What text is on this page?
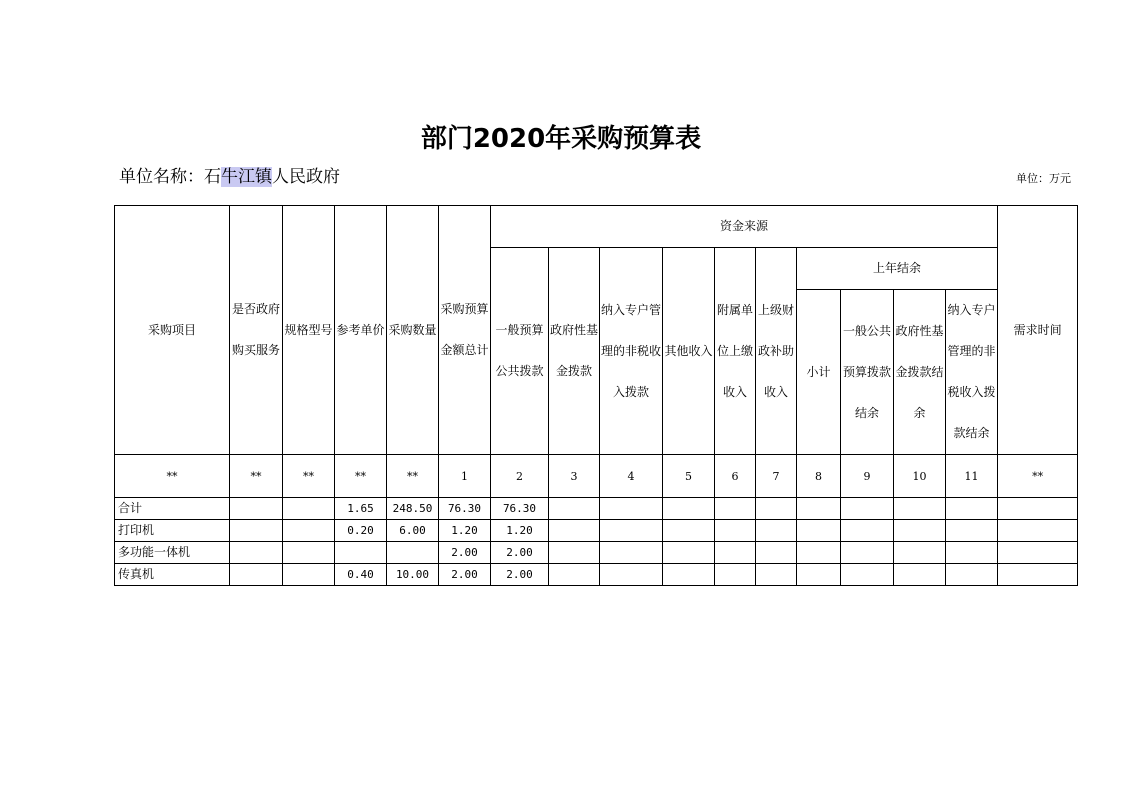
部门2020年采购预算表
单位名称：石牛江镇人民政府	单位：万元
采购项目	是否政府购买服务	规格型号	参考单价	采购数量	采购预算金额总计	资金来源										需求时间
						一般预算公共拨款	政府性基金拨款	纳入专户管理的非税收入拨款	其他收入	附属单位上缴收入	上级财政补助收入	上年结余				
												小计	一般公共预算拨款结余	政府性基金拨款结余	纳入专户管理的非税收入拨款结余	
**	**	**	**	**	1	2	3	4	5	6	7	8	9	10	11	**
合计			1.65	248.50	76.30	76.30										
打印机			0.20	6.00	1.20	1.20										
多功能一体机					2.00	2.00										
传真机			0.40	10.00	2.00	2.00										
